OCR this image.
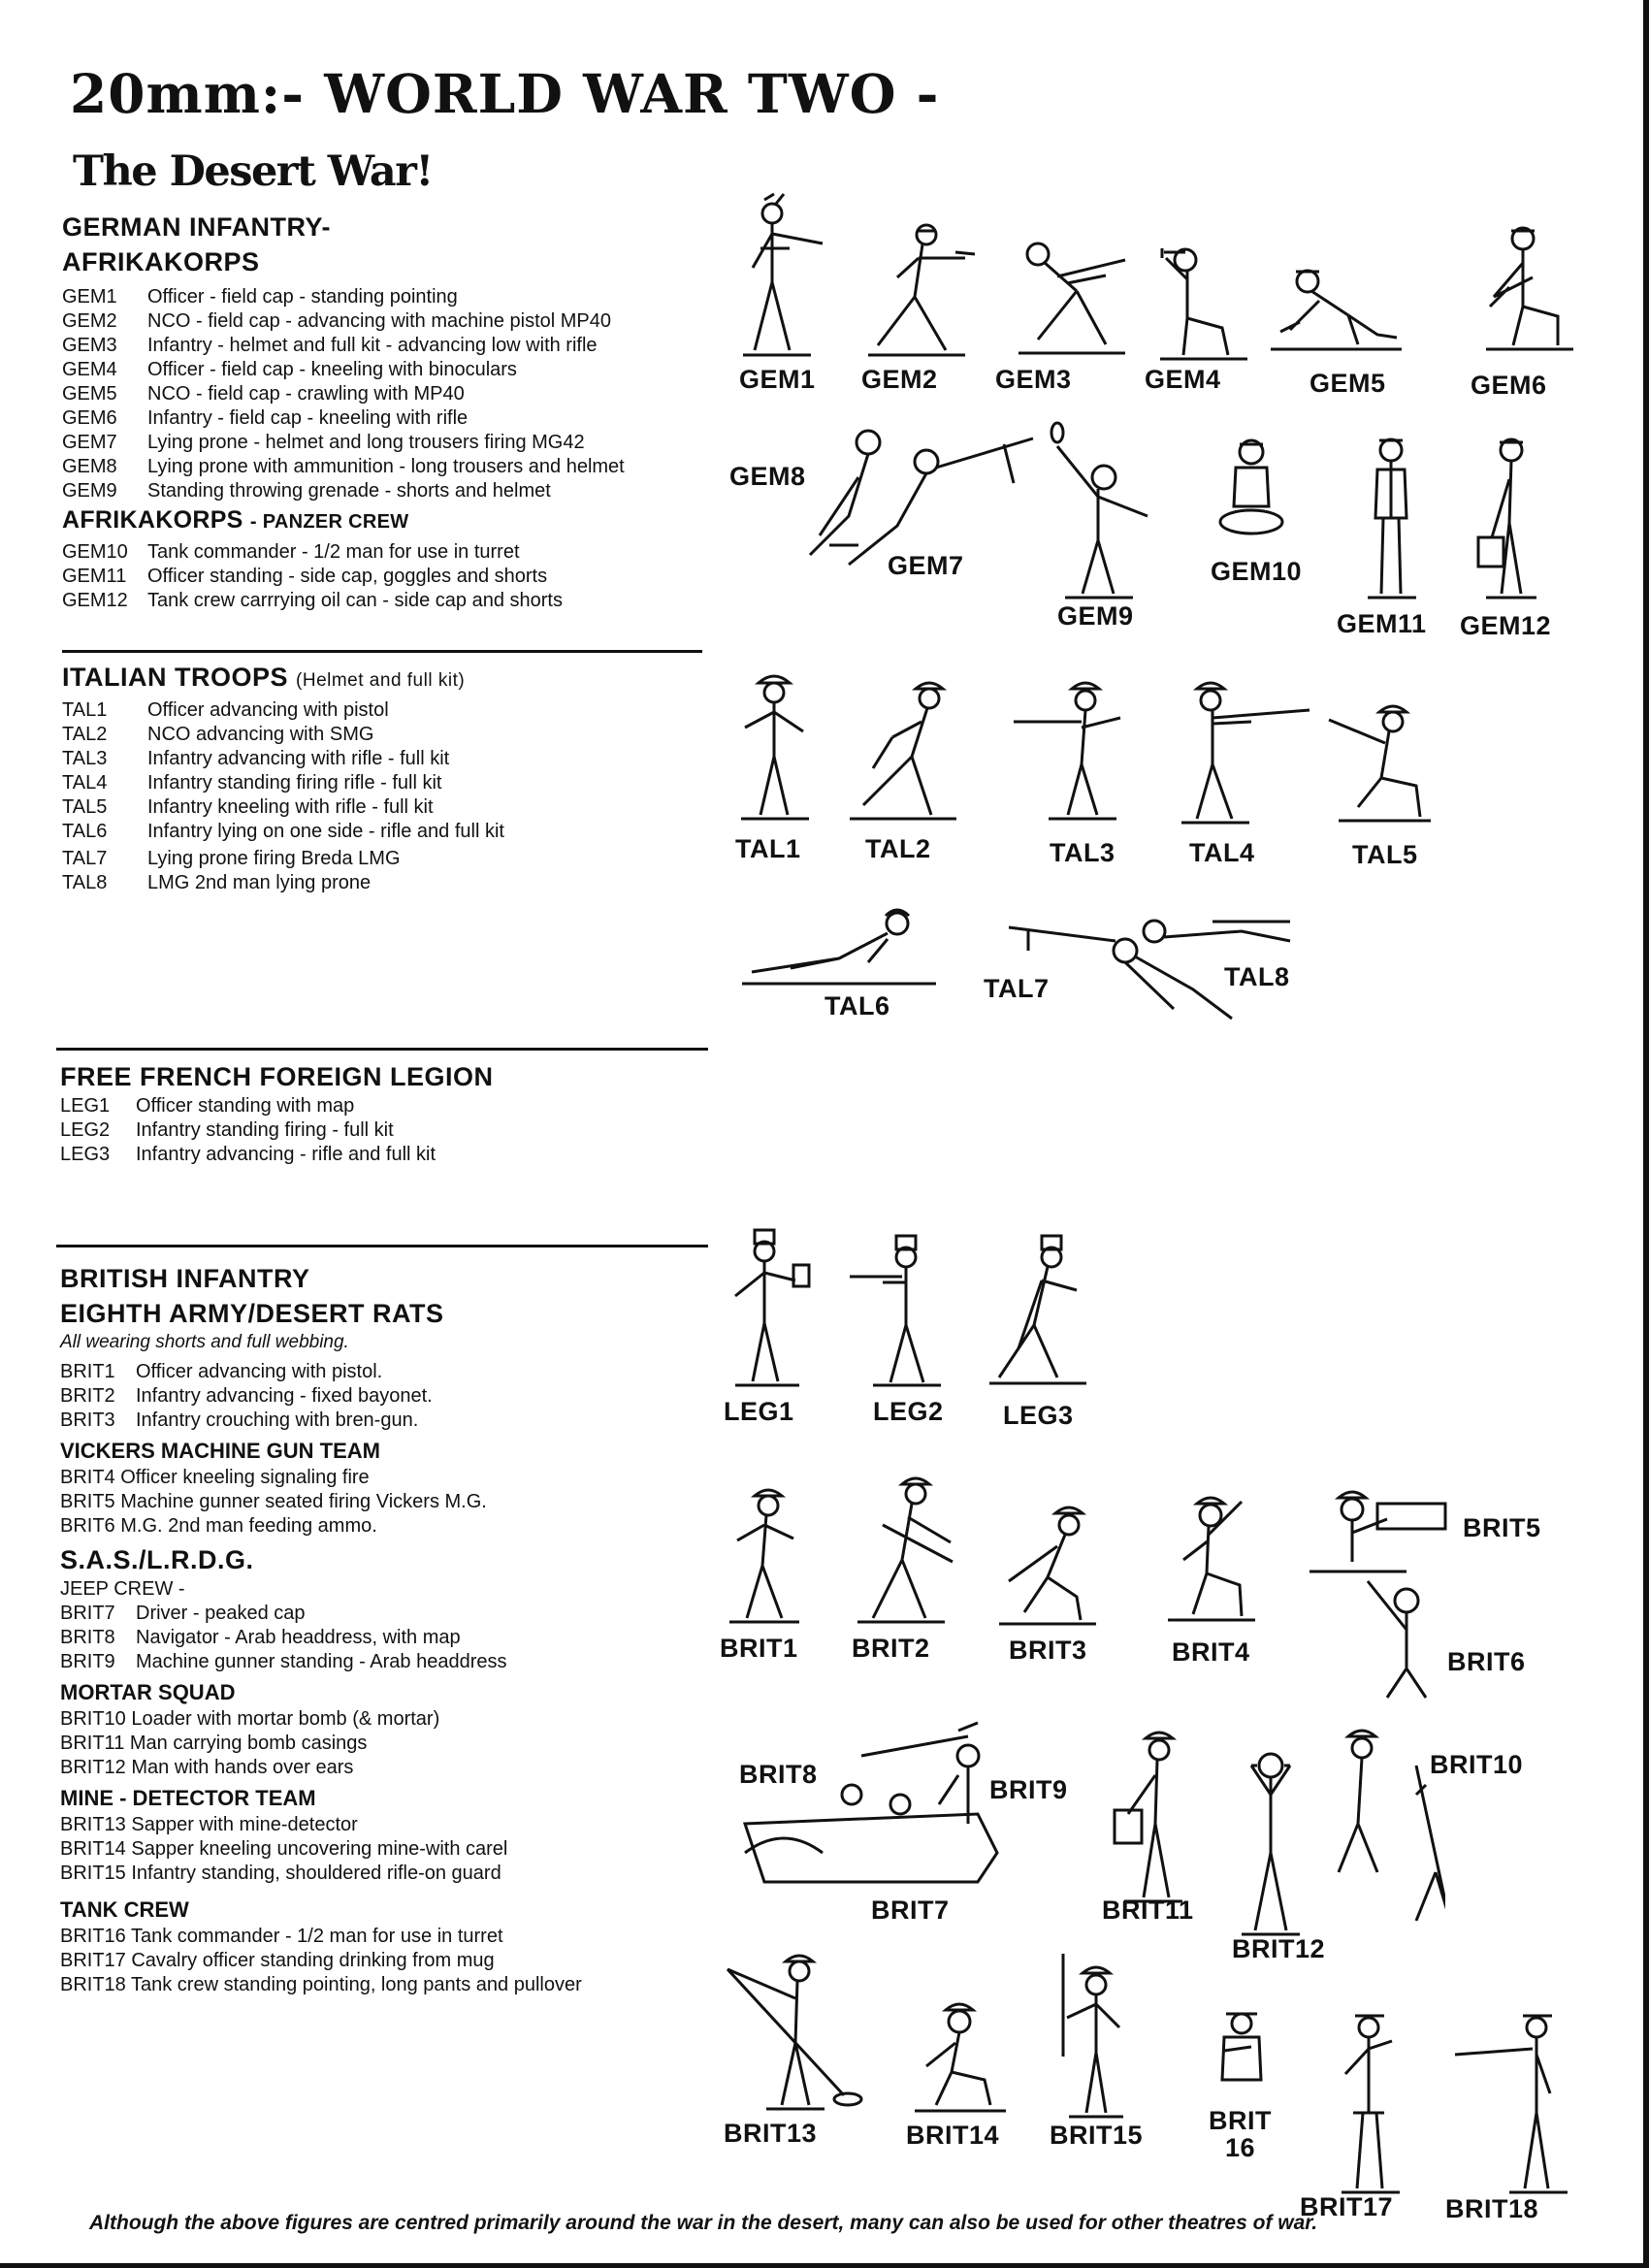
20mm:- WORLD WAR TWO -
The Desert War!
GERMAN INFANTRY-
AFRIKAKORPS
GEM1	Officer - field cap - standing pointing
GEM2	NCO - field cap - advancing with machine pistol MP40
GEM3	Infantry - helmet and full kit - advancing low with rifle
GEM4	Officer - field cap - kneeling with binoculars
GEM5	NCO - field cap - crawling with MP40
GEM6	Infantry - field cap - kneeling with rifle
GEM7	Lying prone - helmet and long trousers firing MG42
GEM8	Lying prone with ammunition - long trousers and helmet
GEM9	Standing throwing grenade - shorts and helmet
AFRIKAKORPS - PANZER CREW
GEM10	Tank commander - 1/2 man for use in turret
GEM11	Officer standing - side cap, goggles and shorts
GEM12	Tank crew carrrying oil can - side cap and shorts
ITALIAN TROOPS (Helmet and full kit)
TAL1	Officer advancing with pistol
TAL2	NCO advancing with SMG
TAL3	Infantry advancing with rifle - full kit
TAL4	Infantry standing firing rifle - full kit
TAL5	Infantry kneeling with rifle - full kit
TAL6	Infantry lying on one side - rifle and full kit
TAL7	Lying prone firing Breda LMG
TAL8	LMG 2nd man lying prone
FREE FRENCH FOREIGN LEGION
LEG1	Officer standing with map
LEG2	Infantry standing firing - full kit
LEG3	Infantry advancing - rifle and full kit
BRITISH INFANTRY
EIGHTH ARMY/DESERT RATS
All wearing shorts and full webbing.
BRIT1	Officer advancing with pistol.
BRIT2	Infantry advancing - fixed bayonet.
BRIT3	Infantry crouching with bren-gun.
VICKERS MACHINE GUN TEAM
BRIT4 Officer kneeling signaling fire
BRIT5 Machine gunner seated firing Vickers M.G.
BRIT6 M.G. 2nd man feeding ammo.
S.A.S./L.R.D.G.
JEEP CREW -
BRIT7	Driver - peaked cap
BRIT8	Navigator - Arab headdress, with map
BRIT9	Machine gunner standing - Arab headdress
MORTAR SQUAD
BRIT10 Loader with mortar bomb (& mortar)
BRIT11 Man carrying bomb casings
BRIT12 Man with hands over ears
MINE - DETECTOR TEAM
BRIT13 Sapper with mine-detector
BRIT14 Sapper kneeling uncovering mine-with carel
BRIT15 Infantry standing, shouldered rifle-on guard
TANK CREW
BRIT16 Tank commander - 1/2 man for use in turret
BRIT17 Cavalry officer standing drinking from mug
BRIT18 Tank crew standing pointing, long pants and pullover
GEM1 GEM2 GEM3	GEM4	GEM5	GEM6
GEM8
GEM7	GEM10
GEM9	GEM11 GEM12
TAL1 TAL2	TAL3	TAL4	TAL5
TAL8
TAL7
TAL6
LEG1	LEG2 LEG3
BRIT5
BRIT1 BRIT2	BRIT3	BRIT4	BRIT6
BRIT10
BRIT8
BRIT9
BRIT7	BRIT11
BRIT12
BRIT13	BRIT14 BRIT15	BRIT
16
BRIT17 BRIT18
Although the above figures are centred primarily around the war in the desert, many can also be used for other theatres of war.
